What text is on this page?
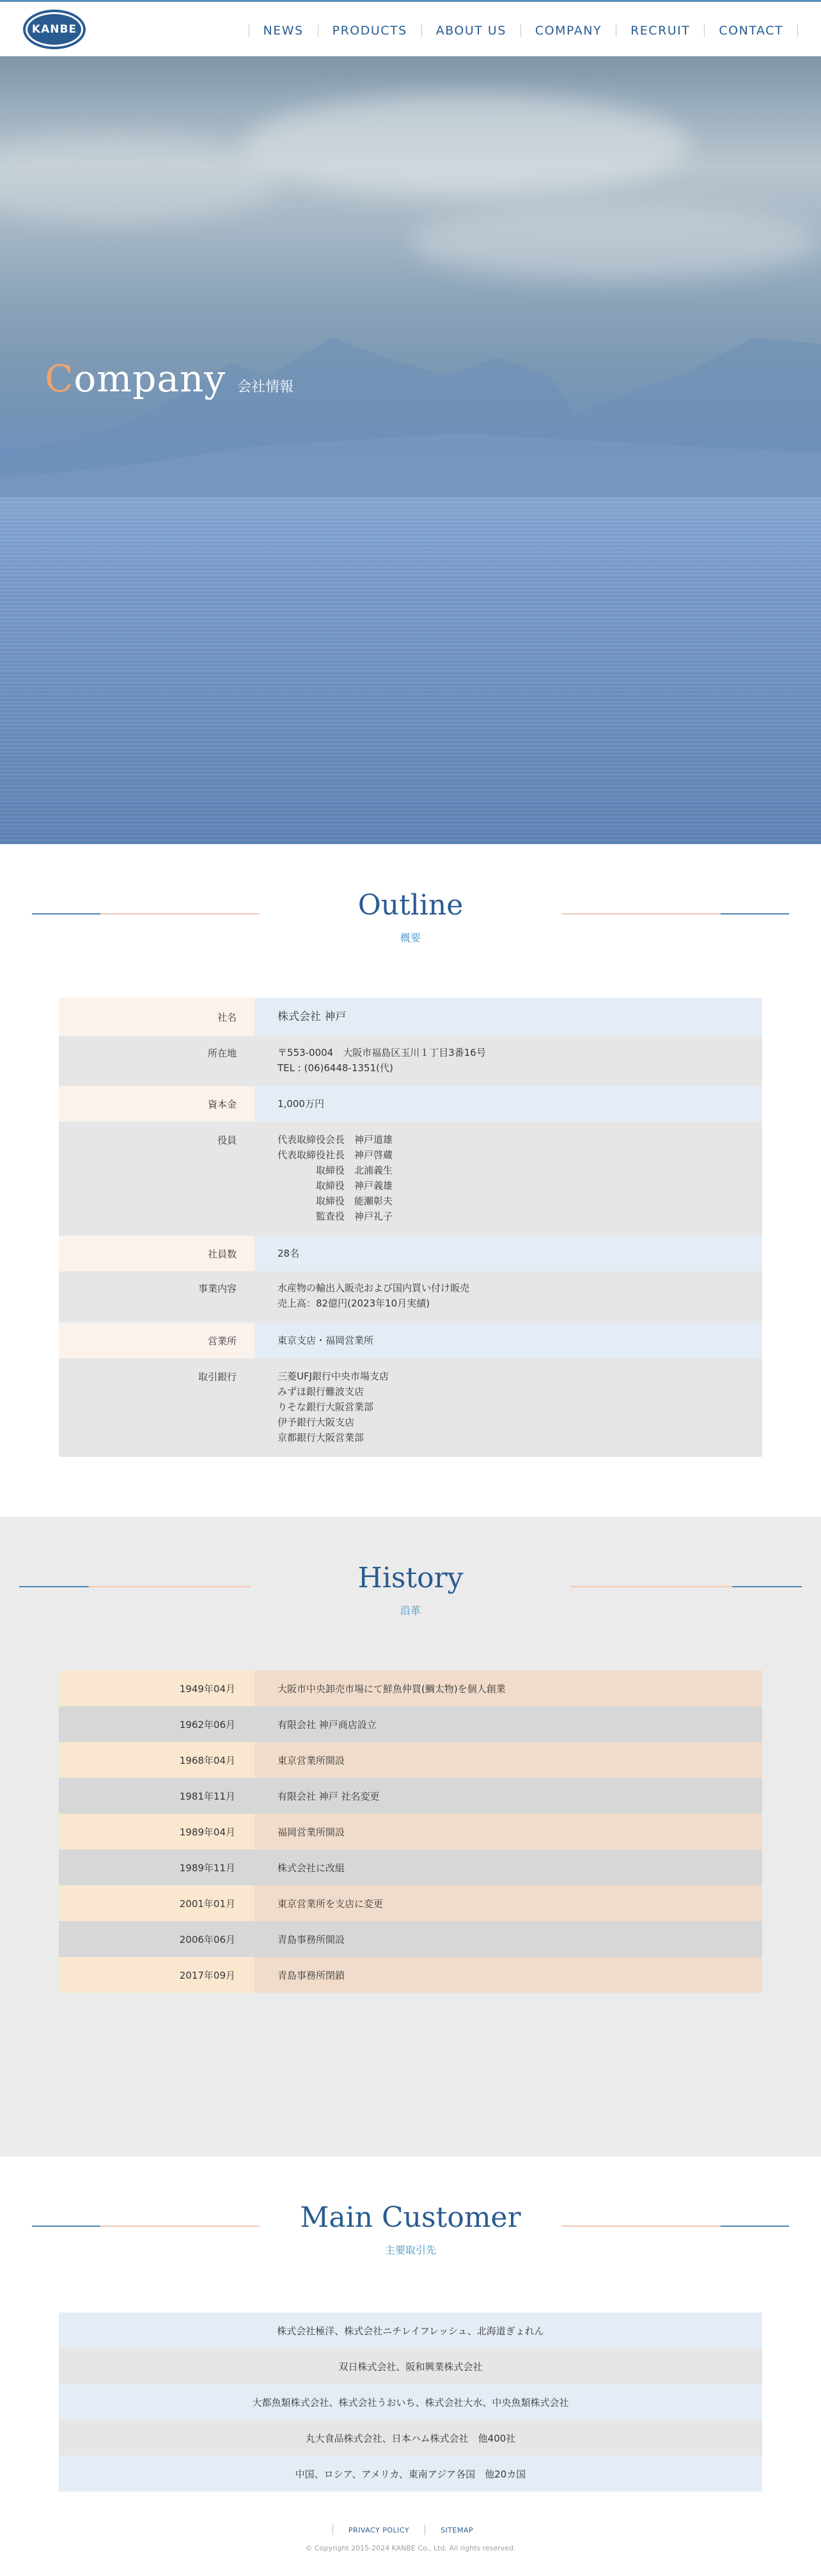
KANBE	NEWS	PRODUCTS	ABOUT US	COMPANY	RECRUIT	CONTACT
Company 会社情報
Outline
概要
社名	株式会社 神戸
所在地	〒553-0004　大阪市福島区玉川１丁目3番16号
TEL : (06)6448-1351(代)
資本金	1,000万円
役員	代表取締役会長　神戸道雄
代表取締役社長　神戸啓蔵
　　　　取締役　北浦義生
　　　　取締役　神戸義雄
　　　　取締役　能瀬彰夫
　　　　監査役　神戸礼子
社員数	28名
事業内容	水産物の輸出入販売および国内買い付け販売
売上高：82億円(2023年10月実績)
営業所	東京支店・福岡営業所
取引銀行	三菱UFJ銀行中央市場支店
みずほ銀行難波支店
りそな銀行大阪営業部
伊予銀行大阪支店
京都銀行大阪営業部
History
沿革
1949年04月	大阪市中央卸売市場にて鮮魚仲買(鯛太物)を個人創業
1962年06月	有限会社 神戸商店設立
1968年04月	東京営業所開設
1981年11月	有限会社 神戸 社名変更
1989年04月	福岡営業所開設
1989年11月	株式会社に改組
2001年01月	東京営業所を支店に変更
2006年06月	青島事務所開設
2017年09月	青島事務所閉鎖
Main Customer
主要取引先
株式会社極洋、株式会社ニチレイフレッシュ、北海道ぎょれん
双日株式会社、阪和興業株式会社
大都魚類株式会社、株式会社うおいち、株式会社大水、中央魚類株式会社
丸大食品株式会社、日本ハム株式会社　他400社
中国、ロシア、アメリカ、東南アジア各国　他20カ国
PRIVACY POLICY	SITEMAP
© Copyright 2015-2024 KANBE Co., Ltd. All rights reserved.
